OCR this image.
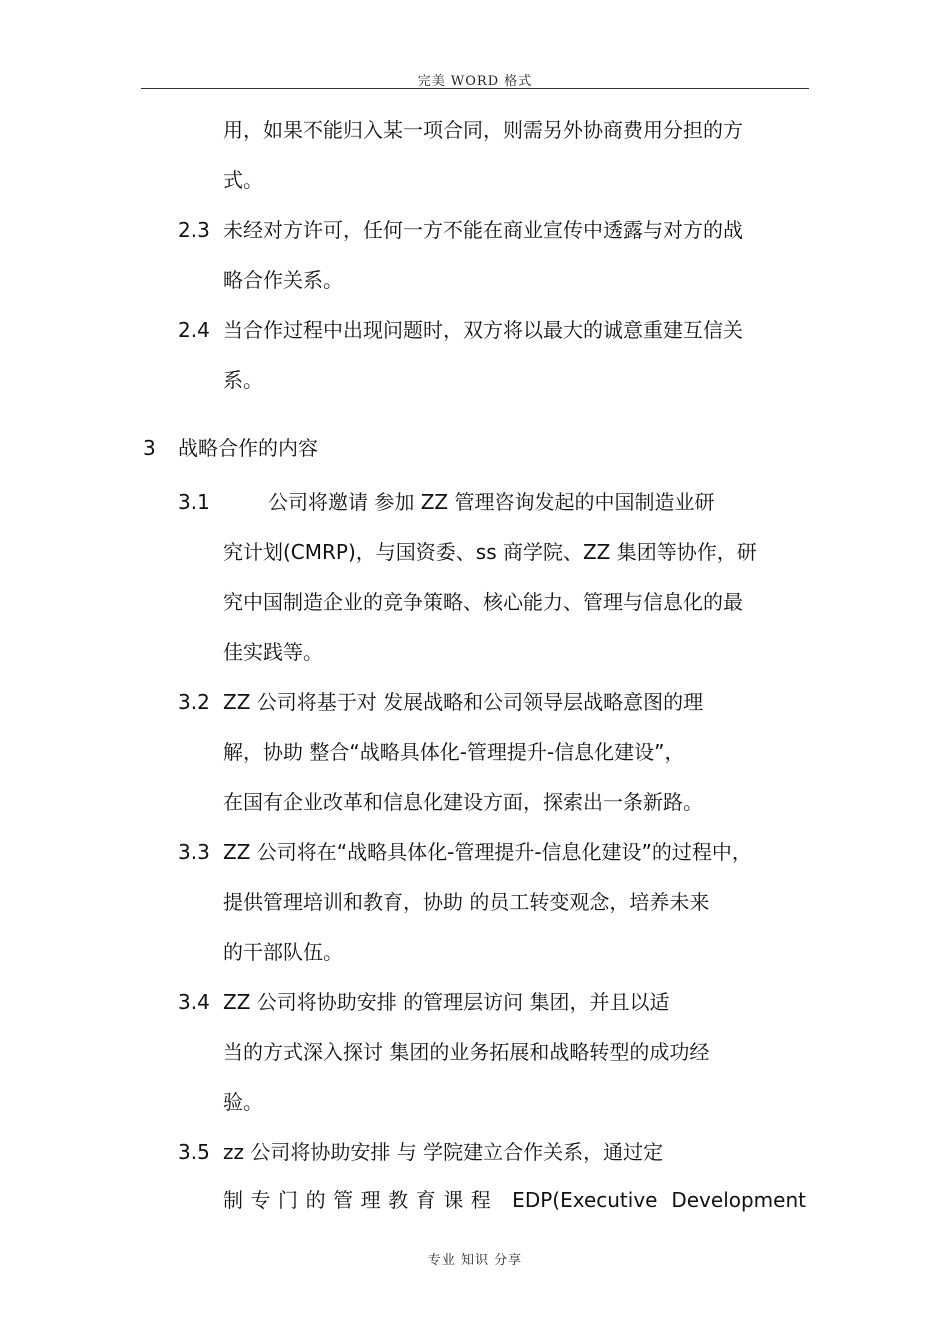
完美 WORD 格式
用，如果不能归入某一项合同，则需另外协商费用分担的方
式。
2.3 未经对方许可，任何一方不能在商业宣传中透露与对方的战
略合作关系。
2.4 当合作过程中出现问题时，双方将以最大的诚意重建互信关
系。
3 战略合作的内容
3.1	公司将邀请 参加 ZZ 管理咨询发起的中国制造业研
究计划(CMRP)，与国资委、ss 商学院、ZZ 集团等协作，研
究中国制造企业的竞争策略、核心能力、管理与信息化的最
佳实践等。
3.2 ZZ 公司将基于对 发展战略和公司领导层战略意图的理
解，协助 整合“战略具体化-管理提升-信息化建设”，
在国有企业改革和信息化建设方面，探索出一条新路。
3.3 ZZ 公司将在“战略具体化-管理提升-信息化建设”的过程中，
提供管理培训和教育，协助 的员工转变观念，培养未来
的干部队伍。
3.4 ZZ 公司将协助安排 的管理层访问 集团，并且以适
当的方式深入探讨 集团的业务拓展和战略转型的成功经
验。
3.5 zz 公司将协助安排 与 学院建立合作关系，通过定
制专门的管理教育课程 EDP(Executive Development
专业 知识 分享
